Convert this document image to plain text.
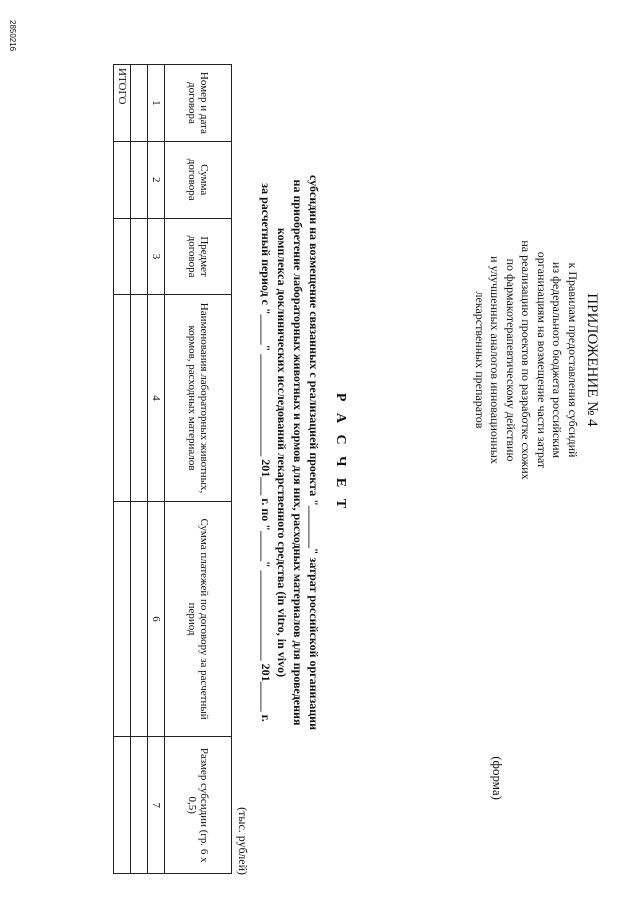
ПРИЛОЖЕНИЕ № 4
к Правилам предоставления субсидий
из федерального бюджета российским
организациям на возмещение части затрат
на реализацию проектов по разработке схожих
по фармакотерапевтическому действию
и улучшенных аналогов инновационных
лекарственных препаратов
(форма)
Р А С Ч Е Т
субсидии на возмещение связанных с реализацией проекта "_______" затрат российской организации
на приобретение лабораторных животных и кормов для них, расходных материалов для проведения
комплекса доклинических исследований лекарственного средства (in vitro, in vivo)
за расчетный период с "_____" _________________ 201___ г. по "_____" _______________ 201_____ г.
(тыс. рублей)
Номер и дата договора	Сумма договора	Предмет договора	Наименования лабораторных животных, кормов, расходных материалов	Сумма платежей по договору за расчетный период	Размер субсидии (гр. 6 x 0,5)
1	2	3	4	6	7

ИТОГО					
2850216
